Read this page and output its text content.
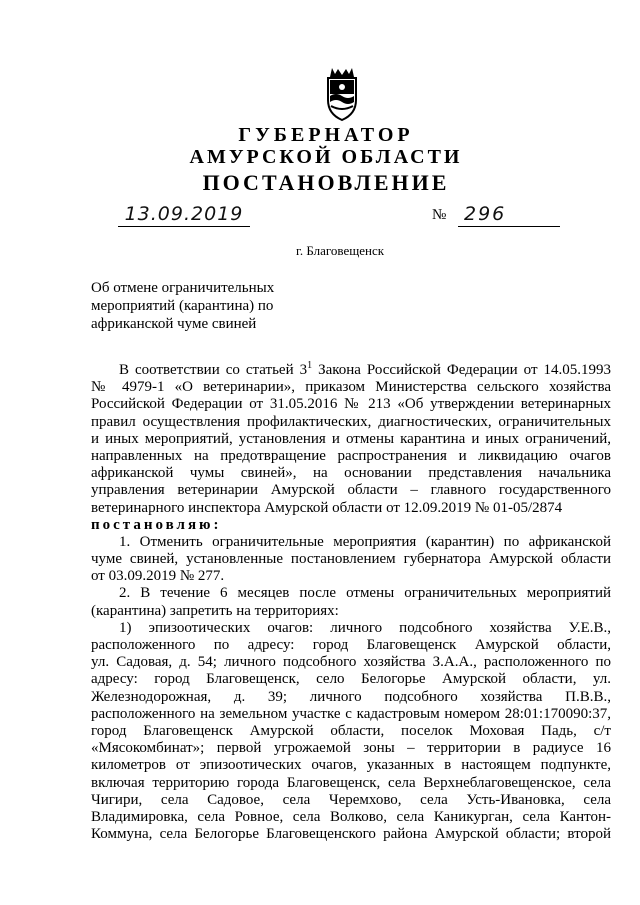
ГУБЕРНАТОР
АМУРСКОЙ ОБЛАСТИ
ПОСТАНОВЛЕНИЕ
13.09.2019	№ 296
г. Благовещенск
Об отмене ограничительных
мероприятий (карантина) по
африканской чуме свиней
В соответствии со статьей $3^1$ Закона Российской Федерации от 14.05.1993
№ 4979-1 «О ветеринарии», приказом Министерства сельского хозяйства
Российской Федерации от 31.05.2016 № 213 «Об утверждении ветеринарных
правил осуществления профилактических, диагностических, ограничительных
и иных мероприятий, установления и отмены карантина и иных ограничений,
направленных на предотвращение распространения и ликвидацию очагов
африканской чумы свиней», на основании представления начальника
управления ветеринарии Амурской области – главного государственного
ветеринарного инспектора Амурской области от 12.09.2019 № 01-05/2874
постановляю:
1. Отменить ограничительные мероприятия (карантин) по африканской
чуме свиней, установленные постановлением губернатора Амурской области
от 03.09.2019 № 277.
2. В течение 6 месяцев после отмены ограничительных мероприятий
(карантина) запретить на территориях:
1) эпизоотических очагов: личного подсобного хозяйства У.Е.В.,
расположенного по адресу: город Благовещенск Амурской области,
ул. Садовая, д. 54; личного подсобного хозяйства З.А.А., расположенного по
адресу: город Благовещенск, село Белогорье Амурской области, ул.
Железнодорожная, д. 39; личного подсобного хозяйства П.В.В.,
расположенного на земельном участке с кадастровым номером 28:01:170090:37,
город Благовещенск Амурской области, поселок Моховая Падь, с/т
«Мясокомбинат»; первой угрожаемой зоны – территории в радиусе 16
километров от эпизоотических очагов, указанных в настоящем подпункте,
включая территорию города Благовещенск, села Верхнеблаговещенское, села
Чигири, села Садовое, села Черемхово, села Усть-Ивановка, села
Владимировка, села Ровное, села Волково, села Каникурган, села Кантон-
Коммуна, села Белогорье Благовещенского района Амурской области; второй
